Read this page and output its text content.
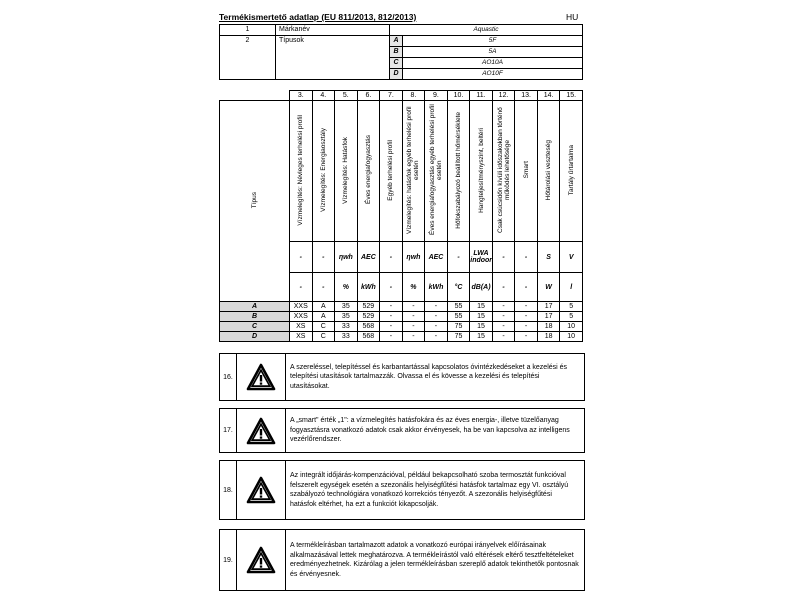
Termékismertető adatlap (EU 811/2013, 812/2013)	HU
1	Márkanév	Aquastic	
2	Típusok	A	5F
		B	5A
		C	AO10A
		D	AO10F
	3.	4.	5.	6.	7.	8.	9.	10.	11.	12.	13.	14.	15.
Típus	Vízmelegítés: Névleges terhelési profil	Vízmelegítés: Energiaosztály	Vízmelegítés: Hatásfok	Éves energiafogyasztás	Egyéb terhelési profil	Vízmelegítés: hatásfok egyéb terhelési profil esetén	Éves energiafogyasztás egyéb terhelési profil esetén	Hőfokszabályozó beállított hőmérséklete	Hangteljesítményszint, beltéri	Csak csúcsidőn kívüli időszakokban történő működés lehetősége	Smart	Hőtárolási veszteség	Tartály űrtartalma
	-	-	ηwh	AEC	-	ηwh	AEC	-	LWA indoor	-	-	S	V
	-	-	%	kWh	-	%	kWh	°C	dB(A)	-	-	W	l
A	XXS	A	35	529	-	-	-	55	15	-	-	17	5
B	XXS	A	35	529	-	-	-	55	15	-	-	17	5
C	XS	C	33	568	-	-	-	75	15	-	-	18	10
D	XS	C	33	568	-	-	-	75	15	-	-	18	10
16.
A szereléssel, telepítéssel és karbantartással kapcsolatos óvintézkedéseket a kezelési és telepítési utasítások tartalmazzák. Olvassa el és kövesse a kezelési és telepítési utasításokat.
17.
A „smart" érték „1": a vízmelegítés hatásfokára és az éves energia-, illetve tüzelőanyag fogyasztásra vonatkozó adatok csak akkor érvényesek, ha be van kapcsolva az intelligens vezérlőrendszer.
18.
Az integrált időjárás-kompenzációval, például bekapcsolható szoba termosztát funkcióval felszerelt egységek esetén a szezonális helyiségfűtési hatásfok tartalmaz egy VI. osztályú szabályozó technológiára vonatkozó korrekciós tényezőt. A szezonális helyiségfűtési hatásfok eltérhet, ha ezt a funkciót kikapcsolják.
19.
A termékleírásban tartalmazott adatok a vonatkozó európai irányelvek előírásainak alkalmazásával lettek meghatározva. A termékleírástól való eltérések eltérő tesztfeltételeket eredményezhetnek. Kizárólag a jelen termékleírásban szereplő adatok tekinthetők pontosnak és érvényesnek.
